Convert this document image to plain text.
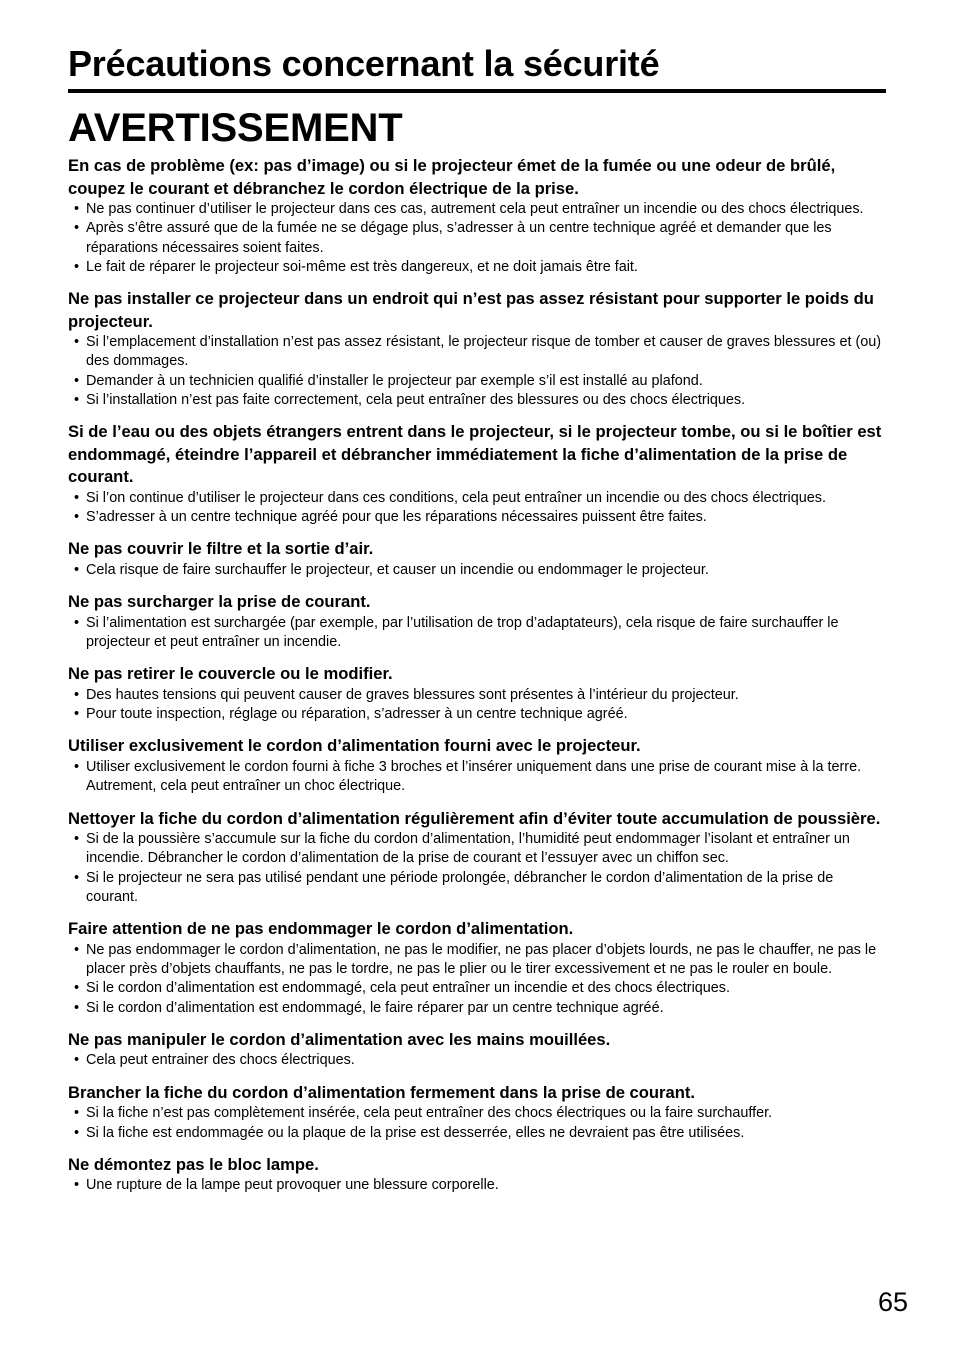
Précautions concernant la sécurité
AVERTISSEMENT

En cas de problème (ex: pas d’image) ou si le projecteur émet de la fumée ou une odeur de brûlé, coupez le courant et débranchez le cordon électrique de la prise.

• Ne pas continuer d’utiliser le projecteur dans ces cas, autrement cela peut entraîner un incendie ou des chocs électriques.
• Après s’être assuré que de la fumée ne se dégage plus, s’adresser à un centre technique agréé et demander que les réparations nécessaires soient faites.
• Le fait de réparer le projecteur soi-même est très dangereux, et ne doit jamais être fait.

Ne pas installer ce projecteur dans un endroit qui n’est pas assez résistant pour supporter le poids du projecteur.

• Si l’emplacement d’installation n’est pas assez résistant, le projecteur risque de tomber et causer de graves blessures et (ou) des dommages.
• Demander à un technicien qualifié d’installer le projecteur par exemple s’il est installé au plafond.
• Si l’installation n’est pas faite correctement, cela peut entraîner des blessures ou des chocs électriques.

Si de l’eau ou des objets étrangers entrent dans le projecteur, si le projecteur tombe, ou si le boîtier est endommagé, éteindre l’appareil et débrancher immédiatement la fiche d’alimentation de la prise de courant.

• Si l’on continue d’utiliser le projecteur dans ces conditions, cela peut entraîner un incendie ou des chocs électriques.
• S’adresser à un centre technique agréé pour que les réparations nécessaires puissent être faites.

Ne pas couvrir le filtre et la sortie d’air.

• Cela risque de faire surchauffer le projecteur, et causer un incendie ou endommager le projecteur.

Ne pas surcharger la prise de courant.

• Si l’alimentation est surchargée (par exemple, par l’utilisation de trop d’adaptateurs), cela risque de faire surchauffer le projecteur et peut entraîner un incendie.

Ne pas retirer le couvercle ou le modifier.

• Des hautes tensions qui peuvent causer de graves blessures sont présentes à l’intérieur du projecteur.
• Pour toute inspection, réglage ou réparation, s’adresser à un centre technique agréé.

Utiliser exclusivement le cordon d’alimentation fourni avec le projecteur.

• Utiliser exclusivement le cordon fourni à fiche 3 broches et l’insérer uniquement dans une prise de courant mise à la terre. Autrement, cela peut entraîner un choc électrique.

Nettoyer la fiche du cordon d’alimentation régulièrement afin d’éviter toute accumulation de poussière.

• Si de la poussière s’accumule sur la fiche du cordon d’alimentation, l’humidité peut endommager l’isolant et entraîner un incendie. Débrancher le cordon d’alimentation de la prise de courant et l’essuyer avec un chiffon sec.
• Si le projecteur ne sera pas utilisé pendant une période prolongée, débrancher le cordon d’alimentation de la prise de courant.

Faire attention de ne pas endommager le cordon d’alimentation.

• Ne pas endommager le cordon d’alimentation, ne pas le modifier, ne pas placer d’objets lourds, ne pas le chauffer, ne pas le placer près d’objets chauffants, ne pas le tordre, ne pas le plier ou le tirer excessivement et ne pas le rouler en boule.
• Si le cordon d’alimentation est endommagé, cela peut entraîner un incendie et des chocs électriques.
• Si le cordon d’alimentation est endommagé, le faire réparer par un centre technique agréé.

Ne pas manipuler le cordon d’alimentation avec les mains mouillées.

• Cela peut entrainer des chocs électriques.

Brancher la fiche du cordon d’alimentation fermement dans la prise de courant.

• Si la fiche n’est pas complètement insérée, cela peut entraîner des chocs électriques ou la faire surchauffer.
• Si la fiche est endommagée ou la plaque de la prise est desserrée, elles ne devraient pas être utilisées.

Ne démontez pas le bloc lampe.

• Une rupture de la lampe peut provoquer une blessure corporelle.
65
